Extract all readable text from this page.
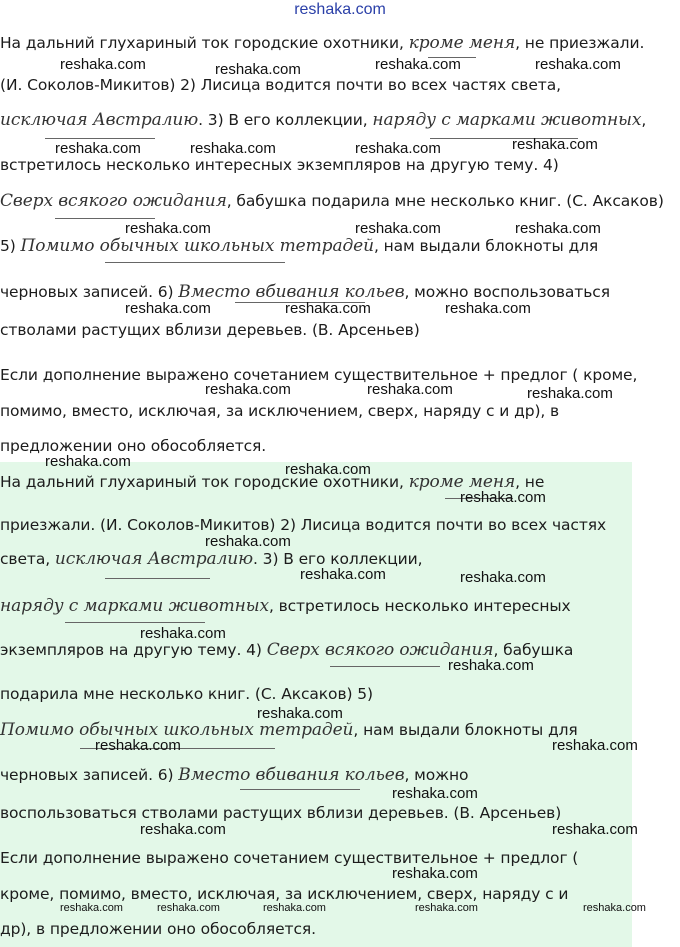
reshaka.com
На дальний глухариный ток городские охотники, кроме меня, не приезжали.
(И. Соколов-Микитов) 2) Лисица водится почти во всех частях света,
исключая Австралию. 3) В его коллекции, наряду с марками животных,
встретилось несколько интересных экземпляров на другую тему. 4)
Сверх всякого ожидания, бабушка подарила мне несколько книг. (С. Аксаков)
5) Помимо обычных школьных тетрадей, нам выдали блокноты для
черновых записей. 6) Вместо вбивания кольев, можно воспользоваться
стволами растущих вблизи деревьев. (В. Арсеньев)
Если дополнение выражено сочетанием существительное + предлог ( кроме,
помимо, вместо, исключая, за исключением, сверх, наряду с и др), в
предложении оно обособляется.
На дальний глухариный ток городские охотники, кроме меня, не
приезжали. (И. Соколов-Микитов) 2) Лисица водится почти во всех частях
света, исключая Австралию. 3) В его коллекции,
наряду с марками животных, встретилось несколько интересных
экземпляров на другую тему. 4) Сверх всякого ожидания, бабушка
подарила мне несколько книг. (С. Аксаков) 5)
Помимо обычных школьных тетрадей, нам выдали блокноты для
черновых записей. 6) Вместо вбивания кольев, можно
воспользоваться стволами растущих вблизи деревьев. (В. Арсеньев)
Если дополнение выражено сочетанием существительное + предлог (
кроме, помимо, вместо, исключая, за исключением, сверх, наряду с и
др), в предложении оно обособляется.
reshaka.com	reshaka.com	reshaka.com	reshaka.com
reshaka.com	reshaka.com	reshaka.com	reshaka.com
reshaka.com	reshaka.com	reshaka.com
reshaka.com	reshaka.com	reshaka.com
reshaka.com	reshaka.com	reshaka.com
reshaka.com	reshaka.com
reshaka.com
reshaka.com
reshaka.com	reshaka.com
reshaka.com
reshaka.com
reshaka.com
reshaka.com	reshaka.com
reshaka.com
reshaka.com	reshaka.com
reshaka.com
reshaka.com	reshaka.com	reshaka.com	reshaka.com	reshaka.com
